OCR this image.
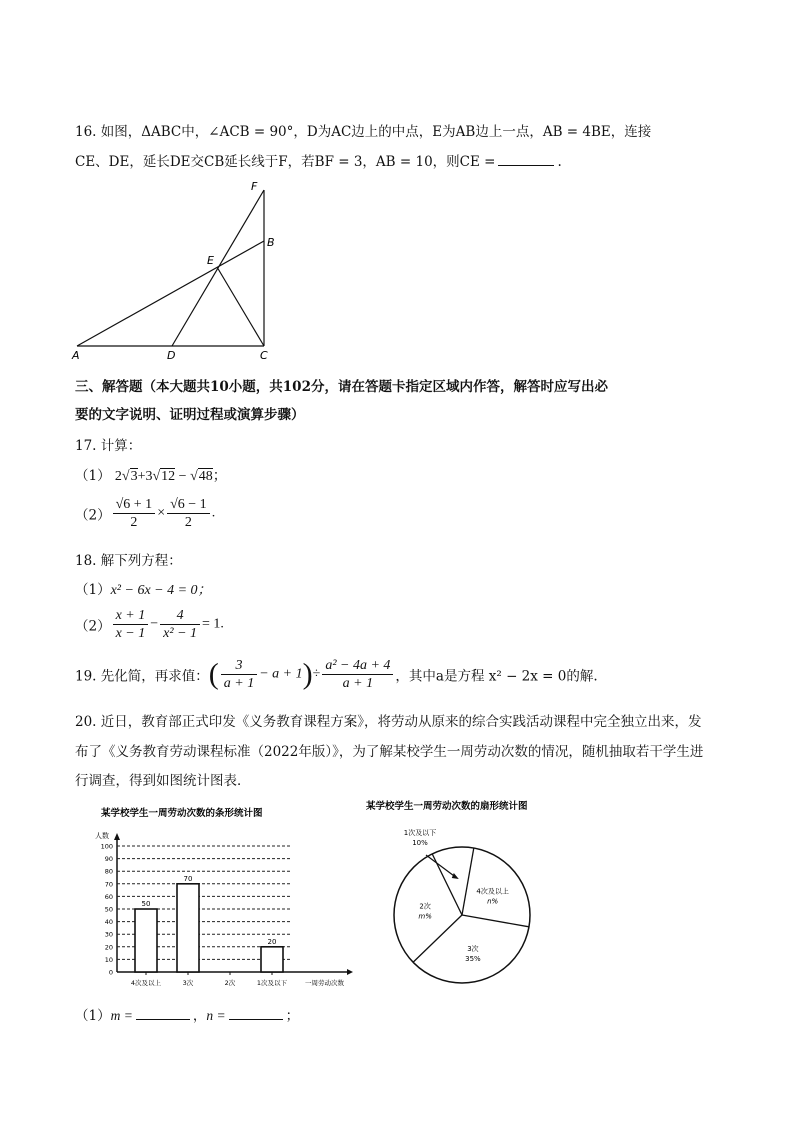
16. 如图，ΔABC中，∠ACB = 90°，D为AC边上的中点，E为AB边上一点，AB = 4BE，连接
CE、DE，延长DE交CB延长线于F，若BF = 3，AB = 10，则CE =	.
F
B
E
A	D	C
三、解答题（本大题共10小题，共102分，请在答题卡指定区域内作答，解答时应写出必
要的文字说明、证明过程或演算步骤）
17. 计算：
（1） 2√3+3√12 − √48；
$(2) \frac{√6 + 1}{2} \times \frac{√6 - 1}{2}$ .
18. 解下列方程：
（1）x² − 6x − 4 = 0；
$(2) \frac{x + 1}{x - 1} - \frac{4}{\text{x² − 1}} = 1$.
19. 先化简，再求值：( $\frac{3}{a + 1} - a + 1)\div \frac{\text{a² − 4a + 4}}{a + 1}$ ，其中a是方程 x² − 2x = 0的解.
20. 近日，教育部正式印发《义务教育课程方案》，将劳动从原来的综合实践活动课程中完全独立出来，发
布了《义务教育劳动课程标准（2022年版）》，为了解某校学生一周劳动次数的情况，随机抽取若干学生进
行调查，得到如图统计图表．
某学校学生一周劳动次数的条形统计图
人数
0
10
20
30
40
50
60
70
80
90
100
50
4次及以上
70
3次	2次
20
1次及以下	一周劳动次数
某学校学生一周劳动次数的扇形统计图
1次及以下
10%
4次及以上
n%
3次
35%
2次
m%
（1）m =	，n =	；
